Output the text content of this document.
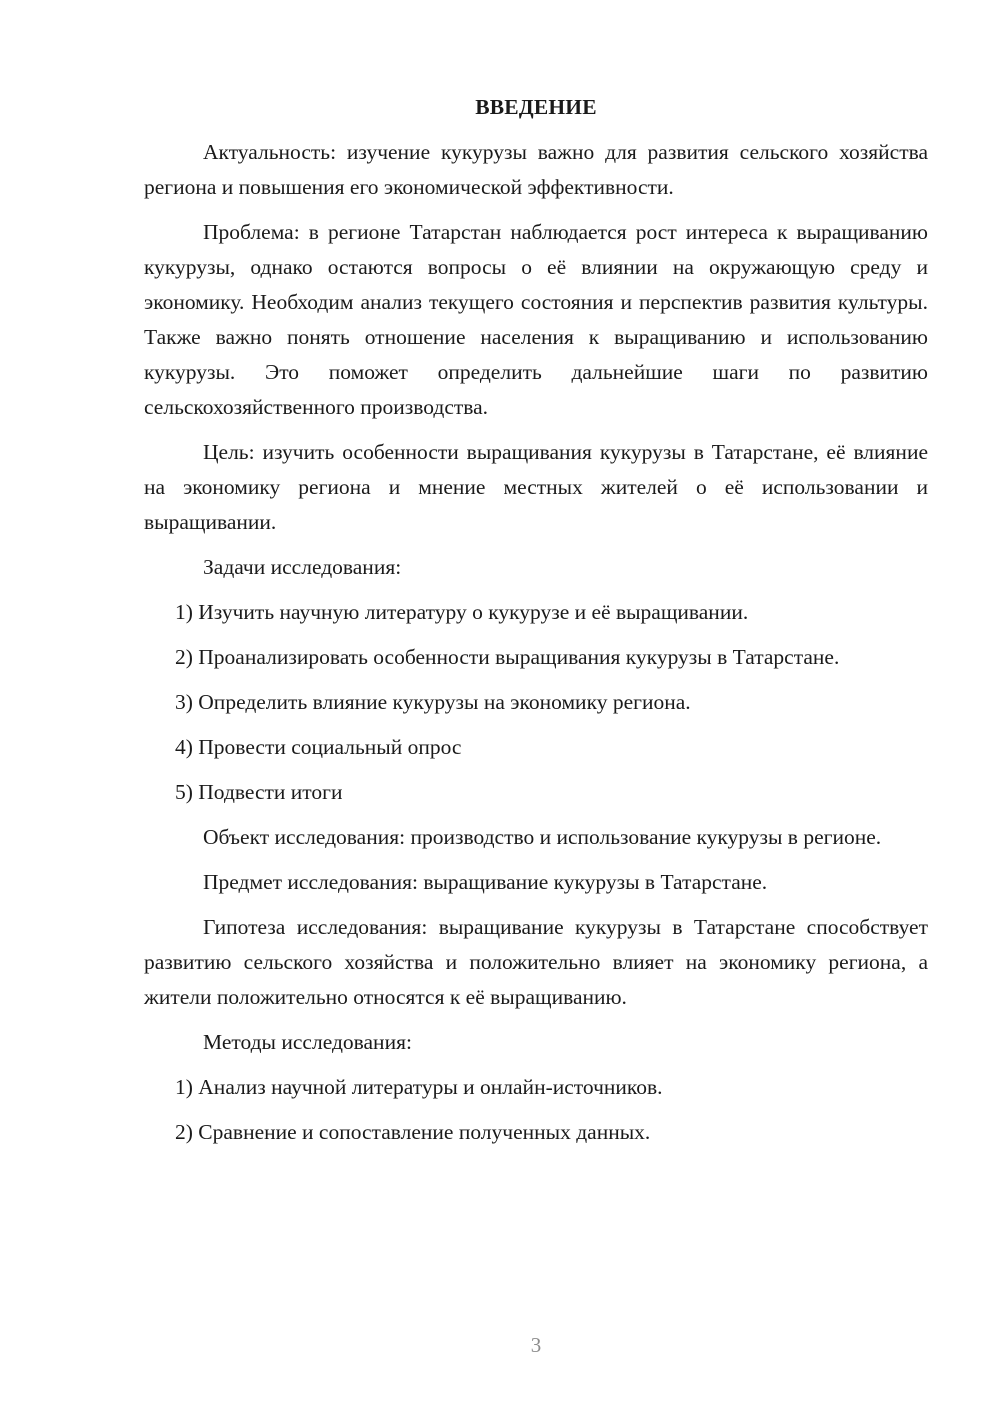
ВВЕДЕНИЕ

Актуальность: изучение кукурузы важно для развития сельского хозяйства региона и повышения его экономической эффективности.

Проблема: в регионе Татарстан наблюдается рост интереса к выращиванию кукурузы, однако остаются вопросы о её влиянии на окружающую среду и экономику. Необходим анализ текущего состояния и перспектив развития культуры. Также важно понять отношение населения к выращиванию и использованию кукурузы. Это поможет определить дальнейшие шаги по развитию сельскохозяйственного производства.

Цель: изучить особенности выращивания кукурузы в Татарстане, её влияние на экономику региона и мнение местных жителей о её использовании и выращивании.

Задачи исследования:

1) Изучить научную литературу о кукурузе и её выращивании.

2) Проанализировать особенности выращивания кукурузы в Татарстане.

3) Определить влияние кукурузы на экономику региона.

4) Провести социальный опрос

5) Подвести итоги

Объект исследования: производство и использование кукурузы в регионе.

Предмет исследования: выращивание кукурузы в Татарстане.

Гипотеза исследования: выращивание кукурузы в Татарстане способствует развитию сельского хозяйства и положительно влияет на экономику региона, а жители положительно относятся к её выращиванию.

Методы исследования:

1) Анализ научной литературы и онлайн-источников.

2) Сравнение и сопоставление полученных данных.

3
